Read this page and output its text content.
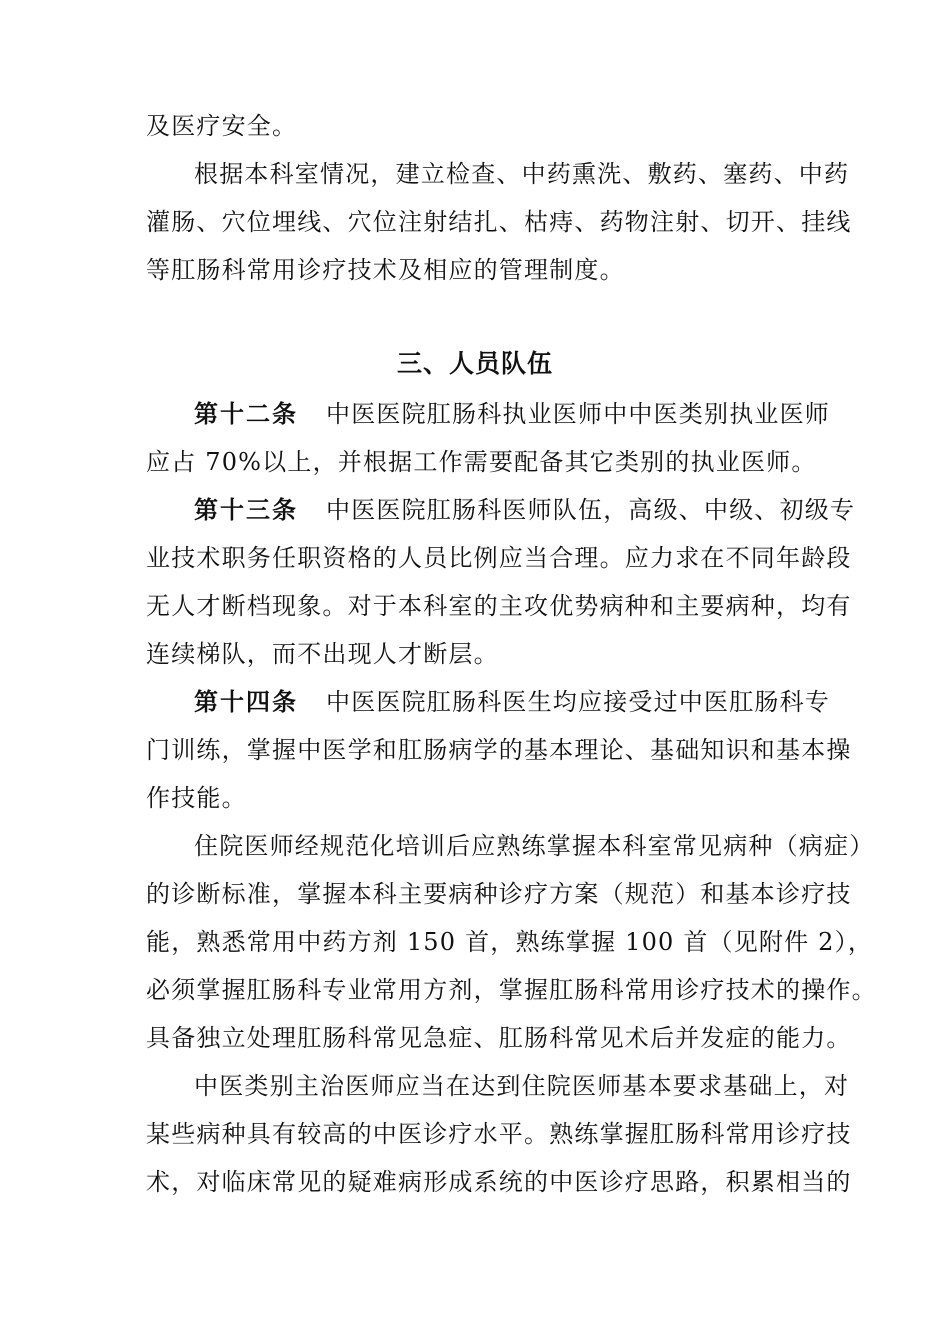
及医疗安全。
根据本科室情况，建立检查、中药熏洗、敷药、塞药、中药
灌肠、穴位埋线、穴位注射结扎、枯痔、药物注射、切开、挂线
等肛肠科常用诊疗技术及相应的管理制度。
三、人员队伍
第十二条 中医医院肛肠科执业医师中中医类别执业医师
应占 70%以上，并根据工作需要配备其它类别的执业医师。
第十三条 中医医院肛肠科医师队伍，高级、中级、初级专
业技术职务任职资格的人员比例应当合理。应力求在不同年龄段
无人才断档现象。对于本科室的主攻优势病种和主要病种，均有
连续梯队，而不出现人才断层。
第十四条 中医医院肛肠科医生均应接受过中医肛肠科专
门训练，掌握中医学和肛肠病学的基本理论、基础知识和基本操
作技能。
住院医师经规范化培训后应熟练掌握本科室常见病种（病症）
的诊断标准，掌握本科主要病种诊疗方案（规范）和基本诊疗技
能，熟悉常用中药方剂 150 首，熟练掌握 100 首（见附件 2），
必须掌握肛肠科专业常用方剂，掌握肛肠科常用诊疗技术的操作。
具备独立处理肛肠科常见急症、肛肠科常见术后并发症的能力。
中医类别主治医师应当在达到住院医师基本要求基础上，对
某些病种具有较高的中医诊疗水平。熟练掌握肛肠科常用诊疗技
术，对临床常见的疑难病形成系统的中医诊疗思路，积累相当的
